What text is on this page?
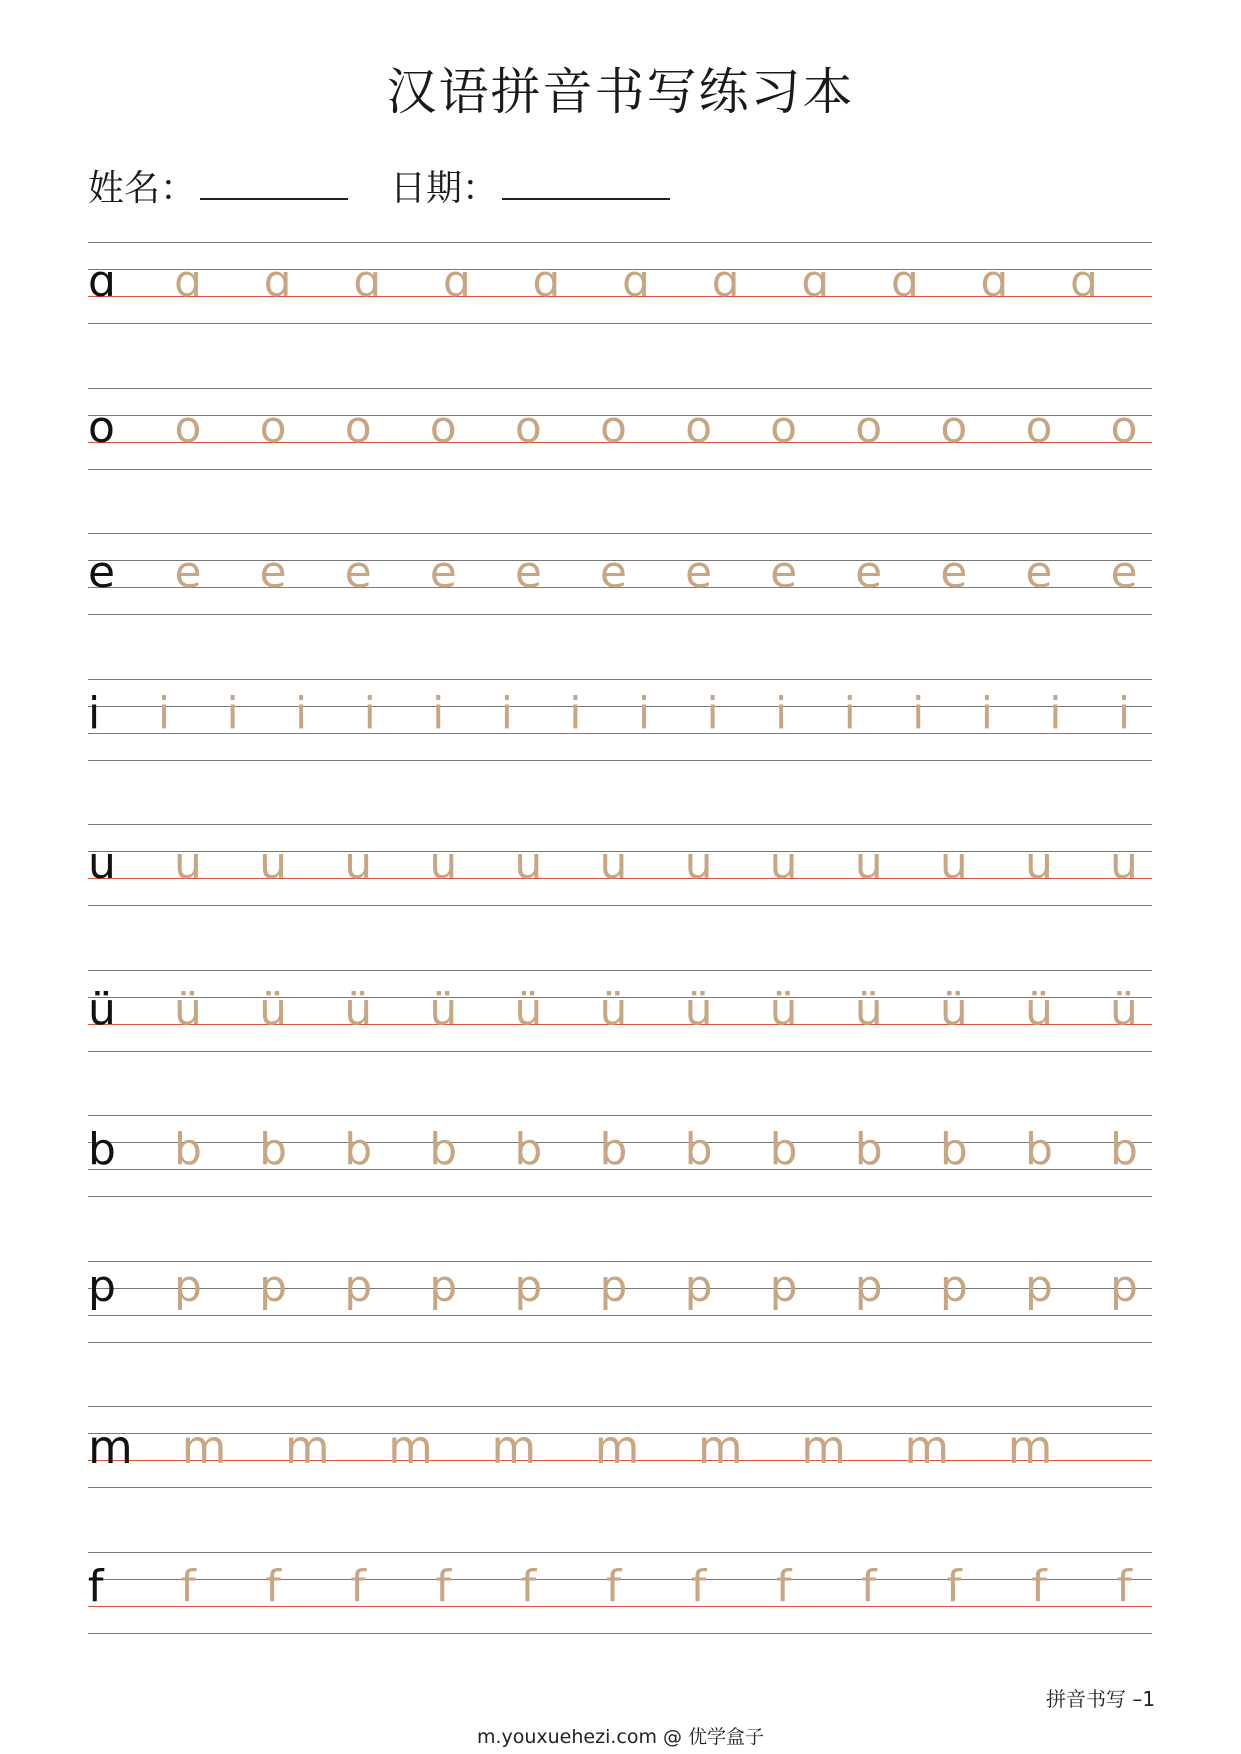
汉语拼音书写练习本
姓名：	日期：
ɑ ɑ ɑ ɑ ɑ ɑ ɑ ɑ ɑ ɑ ɑ ɑ
o o o o o o o o o o o o o
e e e e e e e e e e e e e
i i i i i i i i i i i i i i i i
u u u u u u u u u u u u u
ü ü ü ü ü ü ü ü ü ü ü ü ü
b b b b b b b b b b b b b
p p p p p p p p p p p p p
m m m m m m m m m m
f f f f f f f f f f f f f
拼音书写 –1
m.youxuehezi.com @ 优学盒子
